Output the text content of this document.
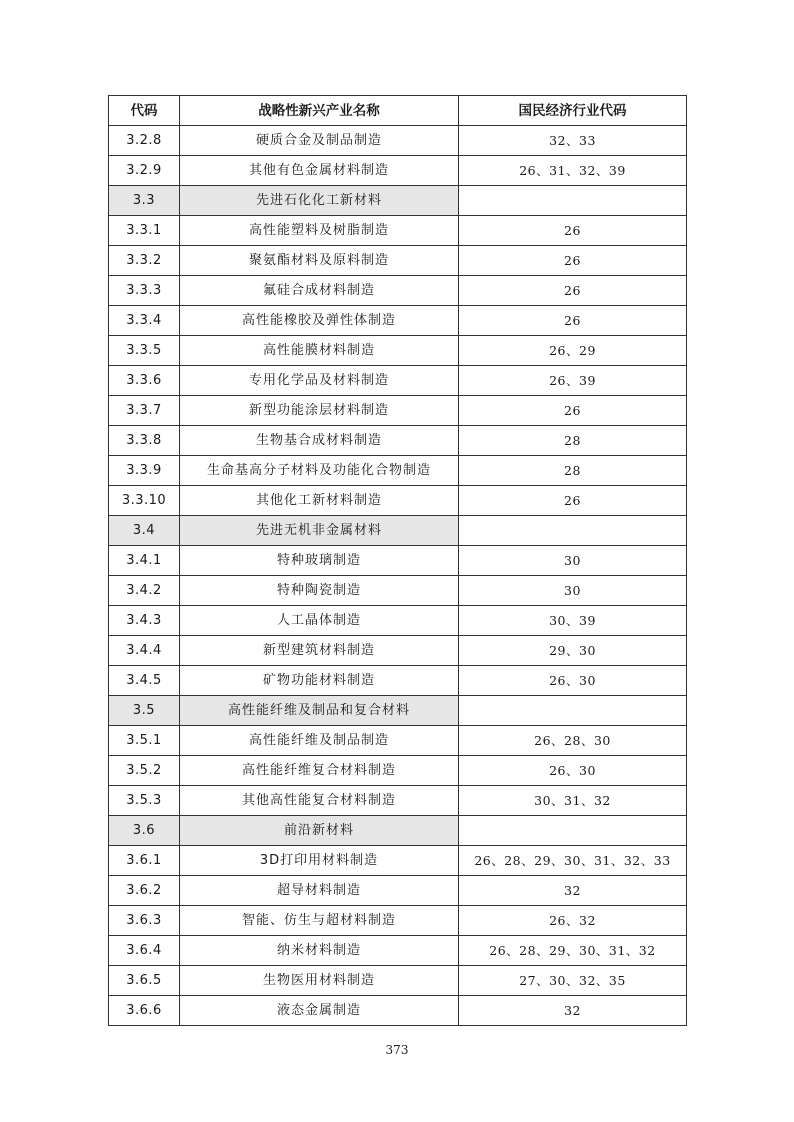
代码	战略性新兴产业名称	国民经济行业代码
3.2.8	硬质合金及制品制造	32、33
3.2.9	其他有色金属材料制造	26、31、32、39
3.3	先进石化化工新材料	
3.3.1	高性能塑料及树脂制造	26
3.3.2	聚氨酯材料及原料制造	26
3.3.3	氟硅合成材料制造	26
3.3.4	高性能橡胶及弹性体制造	26
3.3.5	高性能膜材料制造	26、29
3.3.6	专用化学品及材料制造	26、39
3.3.7	新型功能涂层材料制造	26
3.3.8	生物基合成材料制造	28
3.3.9	生命基高分子材料及功能化合物制造	28
3.3.10	其他化工新材料制造	26
3.4	先进无机非金属材料	
3.4.1	特种玻璃制造	30
3.4.2	特种陶瓷制造	30
3.4.3	人工晶体制造	30、39
3.4.4	新型建筑材料制造	29、30
3.4.5	矿物功能材料制造	26、30
3.5	高性能纤维及制品和复合材料	
3.5.1	高性能纤维及制品制造	26、28、30
3.5.2	高性能纤维复合材料制造	26、30
3.5.3	其他高性能复合材料制造	30、31、32
3.6	前沿新材料	
3.6.1	3D打印用材料制造	26、28、29、30、31、32、33
3.6.2	超导材料制造	32
3.6.3	智能、仿生与超材料制造	26、32
3.6.4	纳米材料制造	26、28、29、30、31、32
3.6.5	生物医用材料制造	27、30、32、35
3.6.6	液态金属制造	32
373
